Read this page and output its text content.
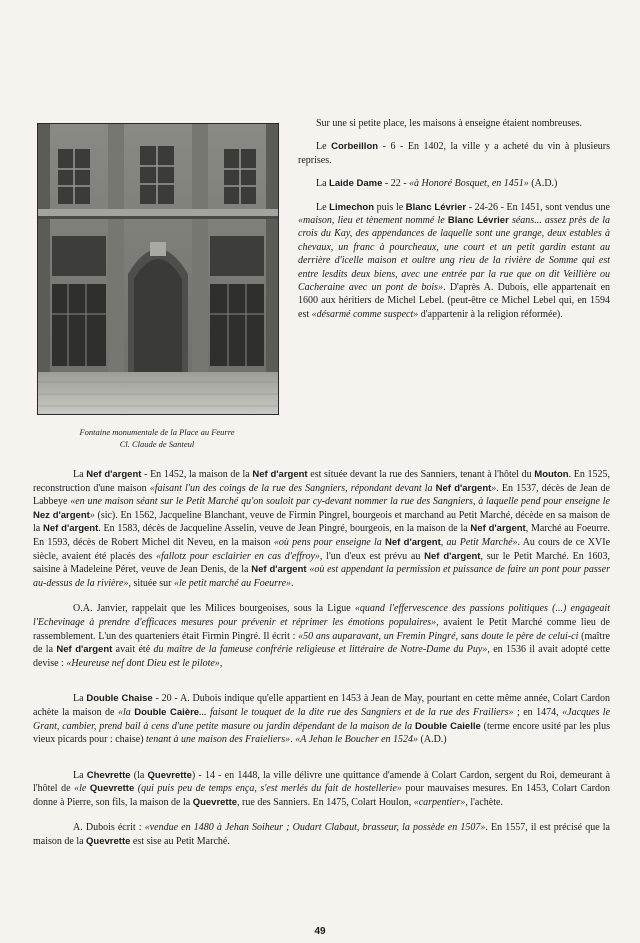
Fontaine monumentale de la Place au Feurre
Cl. Claude de Santeul

Sur une si petite place, les maisons à enseigne étaient nombreuses.

Le Corbeillon - 6 - En 1402, la ville y a acheté du vin à plusieurs reprises.

La Laide Dame - 22 - «à Honoré Bosquet, en 1451» (A.D.)

Le Limechon puis le Blanc Lévrier - 24-26 - En 1451, sont vendus une «maison, lieu et tènement nommé le Blanc Lévrier séans... assez près de la crois du Kay, des appendances de laquelle sont une grange, deux estables à chevaux, un franc à pourcheaux, une court et un petit gardin estant au derrière d'icelle maison et oultre ung rieu de la rivière de Somme qui est entre lesdits deux biens, avec une entrée par la rue que on dit Veillière ou Cacheraine avec un pont de bois». D'après A. Dubois, elle appartenait en 1600 aux héritiers de Michel Lebel. (peut-être ce Michel Lebel qui, en 1594 est «désarmé comme suspect» d'appartenir à la religion réformée).

La Nef d'argent - En 1452, la maison de la Nef d'argent est située devant la rue des Sanniers, tenant à l'hôtel du Mouton. En 1525, reconstruction d'une maison «faisant l'un des coings de la rue des Sangniers, répondant devant la Nef d'argent». En 1537, décès de Jean de Labbeye «en une maison séant sur le Petit Marché qu'on souloit par cy-devant nommer la rue des Sangniers, à laquelle pend pour enseigne le Nez d'argent» (sic). En 1562, Jacqueline Blanchant, veuve de Firmin Pingrel, bourgeois et marchand au Petit Marché, décède en sa maison de la Nef d'argent. En 1583, décès de Jacqueline Asselin, veuve de Jean Pingré, bourgeois, en la maison de la Nef d'argent, Marché au Foeurre. En 1593, décès de Robert Michel dit Neveu, en la maison «où pens pour enseigne la Nef d'argent, au Petit Marché». Au cours de ce XVIe siècle, avaient été placés des «fallotz pour esclairier en cas d'effroy», l'un d'eux est prévu au Nef d'argent, sur le Petit Marché. En 1603, saisine à Madeleine Péret, veuve de Jean Denis, de la Nef d'argent «où est appendant la permission et puissance de faire un pont pour passer au-dessus de la rivière», située sur «le petit marché au Foeurre».

O.A. Janvier, rappelait que les Milices bourgeoises, sous la Ligue «quand l'effervescence des passions politiques (...) engageait l'Echevinage à prendre d'efficaces mesures pour prévenir et réprimer les émotions populaires», avaient le Petit Marché comme lieu de rassemblement. L'un des quarteniers était Firmin Pingré. Il écrit : «50 ans auparavant, un Fremin Pingré, sans doute le père de celui-ci (maître de la Nef d'argent avait été du maître de la fameuse confrérie religieuse et littéraire de Notre-Dame du Puy», en 1536 il avait adopté cette devise : «Heureuse nef dont Dieu est le pilote»,

La Double Chaise - 20 - A. Dubois indique qu'elle appartient en 1453 à Jean de May, pourtant en cette même année, Colart Cardon achète la maison de «la Double Caière... faisant le touquet de la dite rue des Sangniers et de la rue des Frailiers» ; en 1474, «Jacques le Grant, cambier, prend bail à cens d'une petite masure ou jardin dépendant de la maison de la Double Caielle (terme encore usité par les plus vieux picards pour : chaise) tenant à une maison des Fraieliers». «A Jehan le Boucher en 1524» (A.D.)

La Chevrette (la Quevrette) - 14 - en 1448, la ville délivre une quittance d'amende à Colart Cardon, sergent du Roi, demeurant à l'hôtel de «le Quevrette (qui puis peu de temps ença, s'est merlés du fait de hostellerie» pour mauvaises mesures. En 1453, Colart Cardon donne à Pierre, son fils, la maison de la Quevrette, rue des Sanniers. En 1475, Colart Houlon, «carpentier», l'achète.

A. Dubois écrit : «vendue en 1480 à Jehan Soiheur ; Oudart Clabaut, brasseur, la possède en 1507». En 1557, il est précisé que la maison de la Quevrette est sise au Petit Marché.

49
